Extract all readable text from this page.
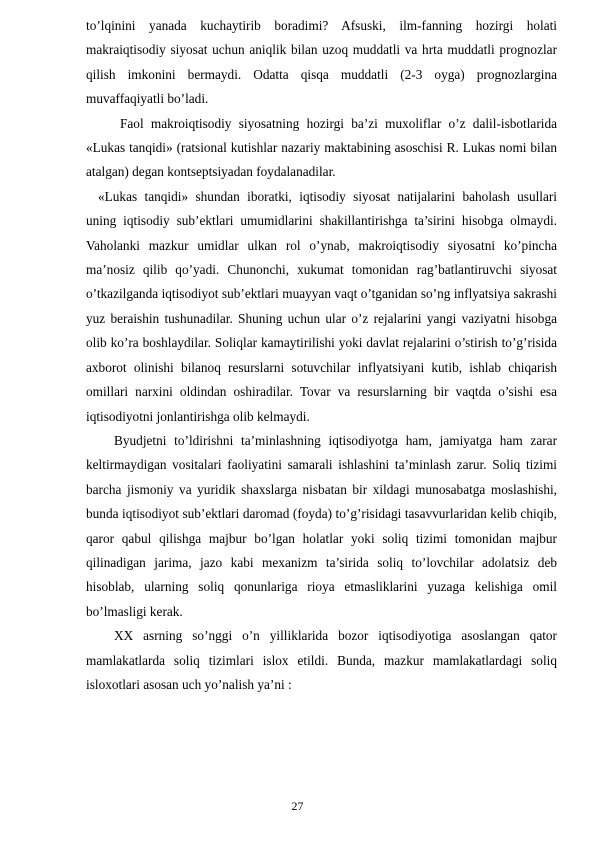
to’lqinini yanada kuchaytirib boradimi? Afsuski, ilm-fanning hozirgi holati makraiqtisodiy siyosat uchun aniqlik bilan uzoq muddatli va hrta muddatli prognozlar qilish imkonini bermaydi. Odatta qisqa muddatli (2-3 oyga) prognozlargina muvaffaqiyatli bo’ladi.

Faol makroiqtisodiy siyosatning hozirgi ba’zi muxoliflar o’z dalil-isbotlarida «Lukas tanqidi» (ratsional kutishlar nazariy maktabining asoschisi R. Lukas nomi bilan atalgan) degan kontseptsiyadan foydalanadilar.

«Lukas tanqidi» shundan iboratki, iqtisodiy siyosat natijalarini baholash usullari uning iqtisodiy sub’ektlari umumidlarini shakillantirishga ta’sirini hisobga olmaydi. Vaholanki mazkur umidlar ulkan rol o’ynab, makroiqtisodiy siyosatni ko’pincha ma’nosiz qilib qo’yadi. Chunonchi, xukumat tomonidan rag’batlantiruvchi siyosat o’tkazilganda iqtisodiyot sub’ektlari muayyan vaqt o’tganidan so’ng inflyatsiya sakrashi yuz beraishin tushunadilar. Shuning uchun ular o’z rejalarini yangi vaziyatni hisobga olib ko’ra boshlaydilar. Soliqlar kamaytirilishi yoki davlat rejalarini o’stirish to’g’risida axborot olinishi bilanoq resurslarni sotuvchilar inflyatsiyani kutib, ishlab chiqarish omillari narxini oldindan oshiradilar. Tovar va resurslarning bir vaqtda o’sishi esa iqtisodiyotni jonlantirishga olib kelmaydi.

Byudjetni to’ldirishni ta’minlashning iqtisodiyotga ham, jamiyatga ham zarar keltirmaydigan vositalari faoliyatini samarali ishlashini ta’minlash zarur. Soliq tizimi barcha jismoniy va yuridik shaxslarga nisbatan bir xildagi munosabatga moslashishi, bunda iqtisodiyot sub’ektlari daromad (foyda) to’g’risidagi tasavvurlaridan kelib chiqib, qaror qabul qilishga majbur bo’lgan holatlar yoki soliq tizimi tomonidan majbur qilinadigan jarima, jazo kabi mexanizm ta’sirida soliq to’lovchilar adolatsiz deb hisoblab, ularning soliq qonunlariga rioya etmasliklarini yuzaga kelishiga omil bo’lmasligi kerak.

XX asrning so’nggi o’n yilliklarida bozor iqtisodiyotiga asoslangan qator mamlakatlarda soliq tizimlari islox etildi. Bunda, mazkur mamlakatlardagi soliq isloxotlari asosan uch yo’nalish ya’ni :

27
